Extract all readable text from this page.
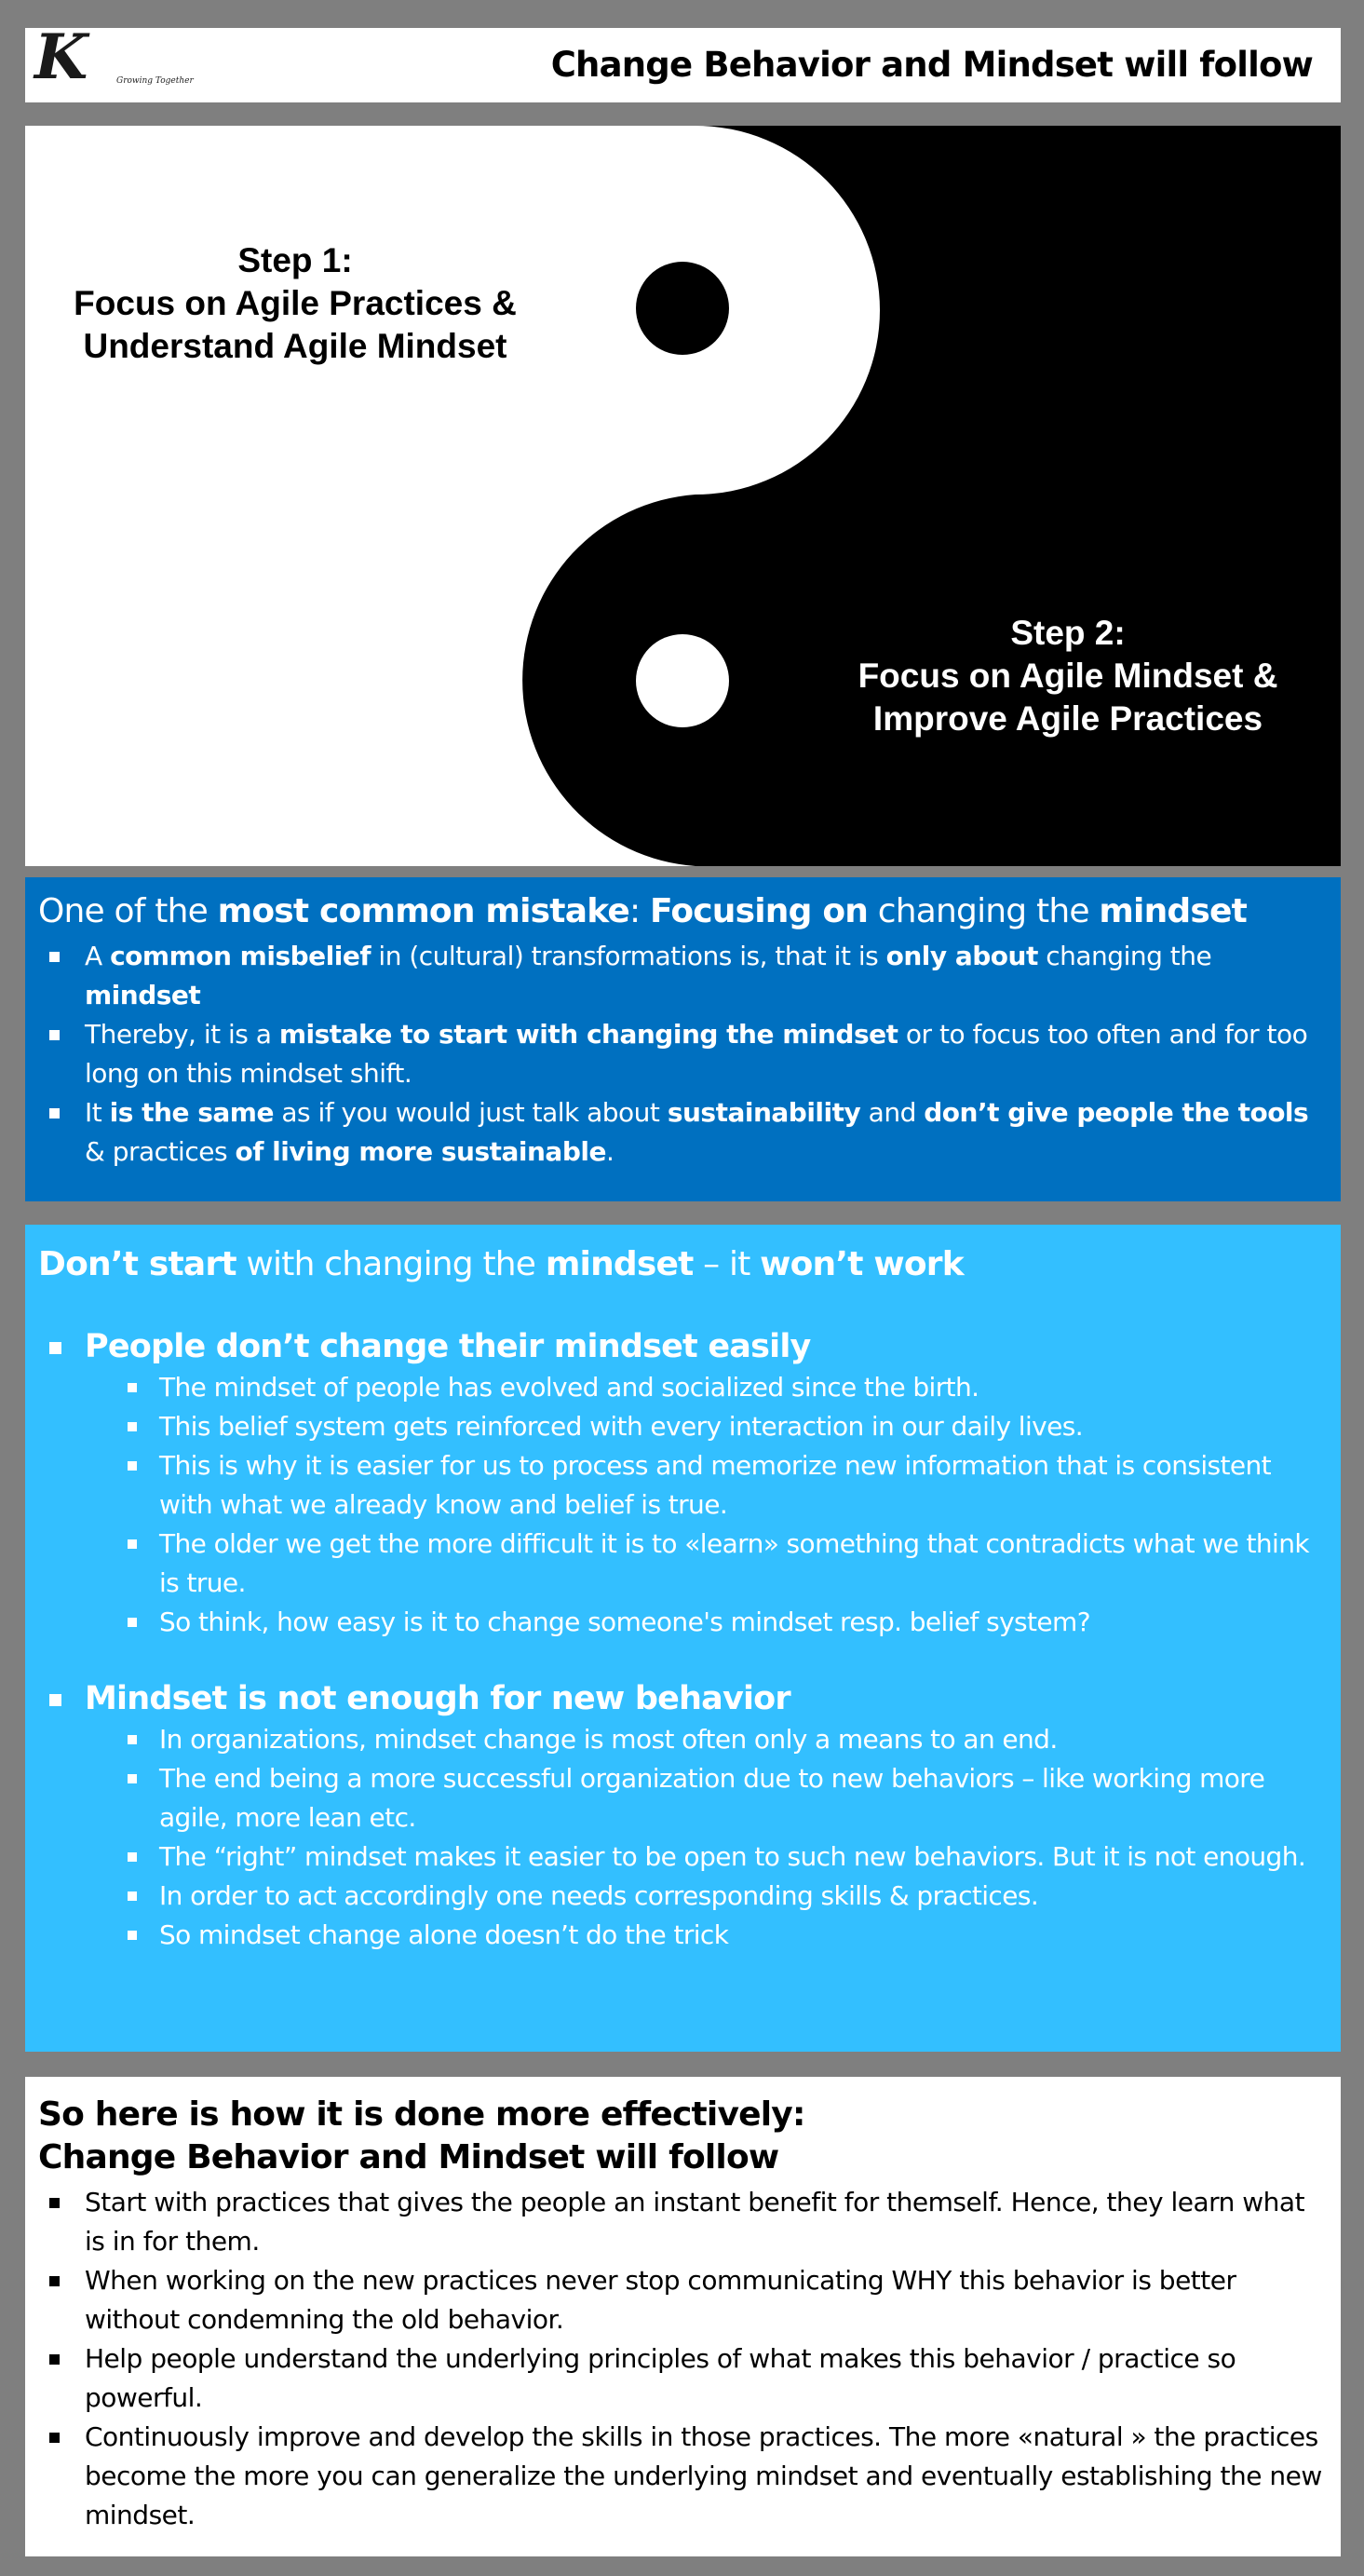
K	Growing Together	Change Behavior and Mindset will follow
Step 1:
Focus on Agile Practices &
Understand Agile Mindset
Step 2:
Focus on Agile Mindset &
Improve Agile Practices
One of the most common mistake: Focusing on changing the mindset
A common misbelief in (cultural) transformations is, that it is only about changing the mindset
Thereby, it is a mistake to start with changing the mindset or to focus too often and for too long on this mindset shift.
It is the same as if you would just talk about sustainability and don’t give people the tools & practices of living more sustainable.
Don’t start with changing the mindset – it won’t work
People don’t change their mindset easily
The mindset of people has evolved and socialized since the birth.
This belief system gets reinforced with every interaction in our daily lives.
This is why it is easier for us to process and memorize new information that is consistent with what we already know and belief is true.
The older we get the more difficult it is to «learn» something that contradicts what we think is true.
So think, how easy is it to change someone's mindset resp. belief system?
Mindset is not enough for new behavior
In organizations, mindset change is most often only a means to an end.
The end being a more successful organization due to new behaviors – like working more agile, more lean etc.
The “right” mindset makes it easier to be open to such new behaviors. But it is not enough.
In order to act accordingly one needs corresponding skills & practices.
So mindset change alone doesn’t do the trick
So here is how it is done more effectively:
Change Behavior and Mindset will follow
Start with practices that gives the people an instant benefit for themself. Hence, they learn what is in for them.
When working on the new practices never stop communicating WHY this behavior is better without condemning the old behavior.
Help people understand the underlying principles of what makes this behavior / practice so powerful.
Continuously improve and develop the skills in those practices. The more «natural » the practices become the more you can generalize the underlying mindset and eventually establishing the new mindset.
